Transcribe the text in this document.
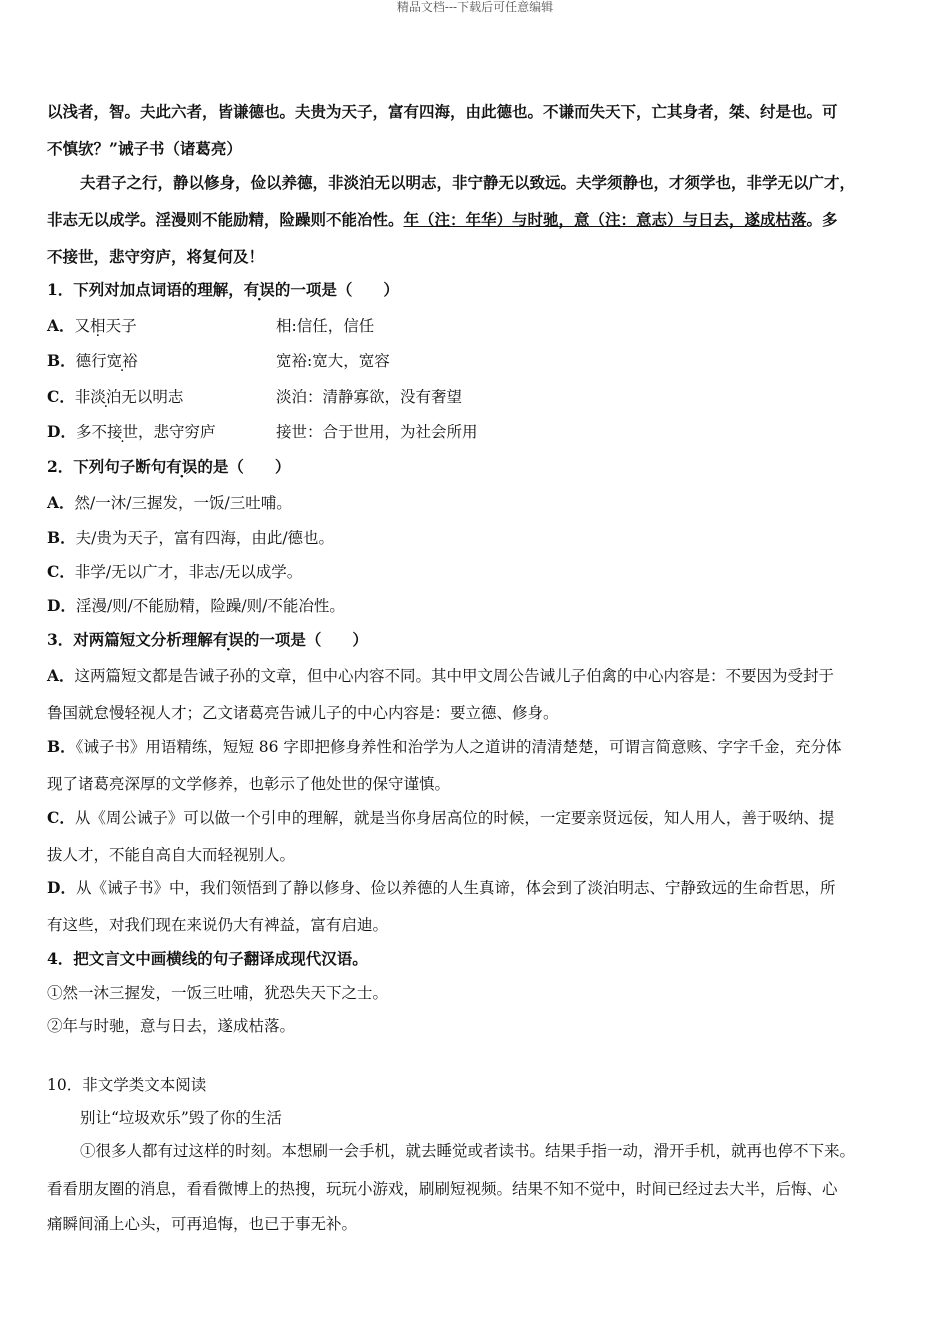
精品文档---下载后可任意编辑
以浅者，智。夫此六者，皆谦德也。夫贵为天子，富有四海，由此德也。不谦而失天下，亡其身者，桀、纣是也。可
不慎欤？”诫子书（诸葛亮）
夫君子之行，静以修身，俭以养德，非淡泊无以明志，非宁静无以致远。夫学须静也，才须学也，非学无以广才，
非志无以成学。淫漫则不能励精，险躁则不能冶性。年（注：年华）与时驰，意（注：意志）与日去，遂成枯落。多
不接世，悲守穷庐，将复何及！
1．下列对加点词语的理解，有误的一项是（　　）
A．又相天子	相:信任，信任
B．德行宽裕	宽裕:宽大，宽容
C．非淡泊无以明志	淡泊：清静寡欲，没有奢望
D．多不接世，悲守穷庐	接世：合于世用，为社会所用
2．下列句子断句有误的是（　　）
A．然/一沐/三握发，一饭/三吐哺。
B．夫/贵为天子，富有四海，由此/德也。
C．非学/无以广才，非志/无以成学。
D．淫漫/则/不能励精，险躁/则/不能冶性。
3．对两篇短文分析理解有误的一项是（　　）
A．这两篇短文都是告诫子孙的文章，但中心内容不同。其中甲文周公告诫儿子伯禽的中心内容是：不要因为受封于
鲁国就怠慢轻视人才；乙文诸葛亮告诫儿子的中心内容是：要立德、修身。
B．《诫子书》用语精练，短短 86 字即把修身养性和治学为人之道讲的清清楚楚，可谓言简意赅、字字千金，充分体
现了诸葛亮深厚的文学修养，也彰示了他处世的保守谨慎。
C．从《周公诫子》可以做一个引申的理解，就是当你身居高位的时候，一定要亲贤远佞，知人用人，善于吸纳、提
拔人才，不能自高自大而轻视别人。
D．从《诫子书》中，我们领悟到了静以修身、俭以养德的人生真谛，体会到了淡泊明志、宁静致远的生命哲思，所
有这些，对我们现在来说仍大有裨益，富有启迪。
4．把文言文中画横线的句子翻译成现代汉语。
①然一沐三握发，一饭三吐哺，犹恐失天下之士。
②年与时驰，意与日去，遂成枯落。
10．非文学类文本阅读
别让“垃圾欢乐”毁了你的生活
①很多人都有过这样的时刻。本想刷一会手机，就去睡觉或者读书。结果手指一动，滑开手机，就再也停不下来。
看看朋友圈的消息，看看微博上的热搜，玩玩小游戏，刷刷短视频。结果不知不觉中，时间已经过去大半，后悔、心
痛瞬间涌上心头，可再追悔，也已于事无补。
